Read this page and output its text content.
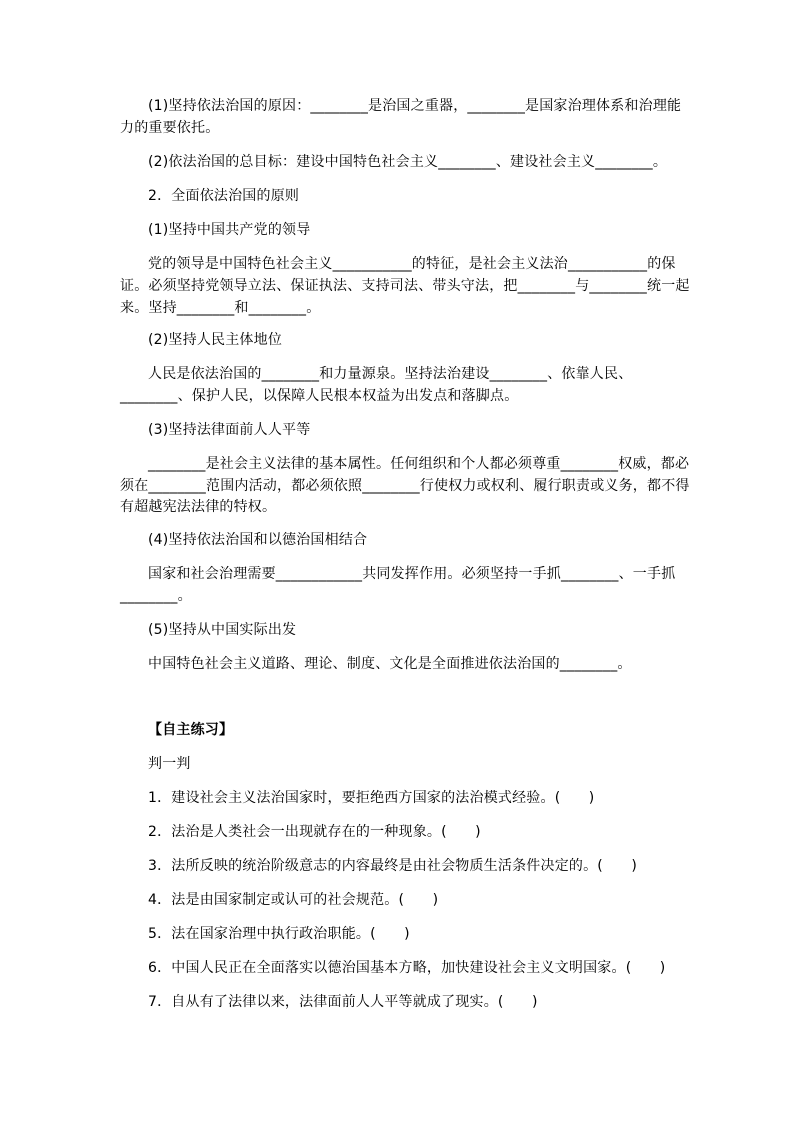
(1)坚持依法治国的原因：________是治国之重器，________是国家治理体系和治理能
力的重要依托。
(2)依法治国的总目标：建设中国特色社会主义________、建设社会主义________。
2．全面依法治国的原则
(1)坚持中国共产党的领导
党的领导是中国特色社会主义___________的特征，是社会主义法治___________的保
证。必须坚持党领导立法、保证执法、支持司法、带头守法，把________与________统一起
来。坚持________和________。
(2)坚持人民主体地位
人民是依法治国的________和力量源泉。坚持法治建设________、依靠人民、
________、保护人民，以保障人民根本权益为出发点和落脚点。
(3)坚持法律面前人人平等
________是社会主义法律的基本属性。任何组织和个人都必须尊重________权威，都必
须在________范围内活动，都必须依照________行使权力或权利、履行职责或义务，都不得
有超越宪法法律的特权。
(4)坚持依法治国和以德治国相结合
国家和社会治理需要____________共同发挥作用。必须坚持一手抓________、一手抓
________。
(5)坚持从中国实际出发
中国特色社会主义道路、理论、制度、文化是全面推进依法治国的________。
【自主练习】
判一判
1．建设社会主义法治国家时，要拒绝西方国家的法治模式经验。(　　)
2．法治是人类社会一出现就存在的一种现象。(　　)
3．法所反映的统治阶级意志的内容最终是由社会物质生活条件决定的。(　　)
4．法是由国家制定或认可的社会规范。(　　)
5．法在国家治理中执行政治职能。(　　)
6．中国人民正在全面落实以德治国基本方略，加快建设社会主义文明国家。(　　)
7．自从有了法律以来，法律面前人人平等就成了现实。(　　)
